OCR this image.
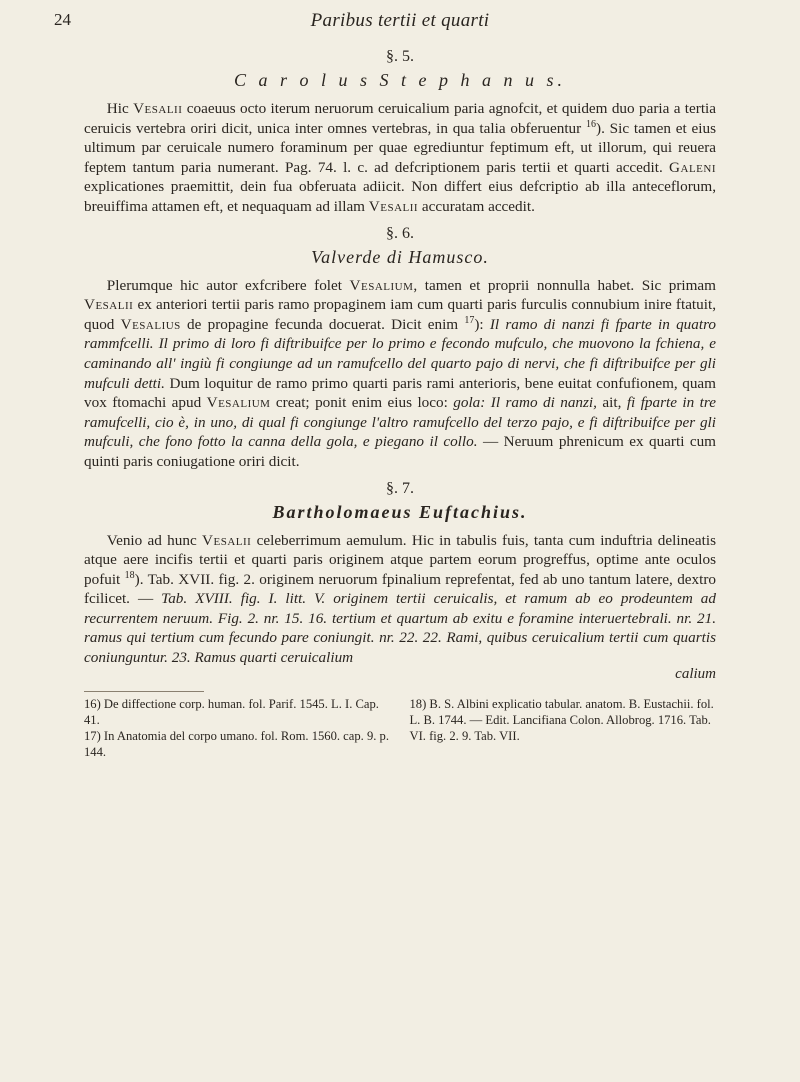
24	Paribus tertii et quarti
§. 5.
C a r o l u s S t e p h a n u s.

Hic Vesalii coaeuus octo iterum neruorum ceruicalium paria agnofcit, et quidem duo paria a tertia ceruicis vertebra oriri dicit, unica inter omnes vertebras, in qua talia obferuentur $^{16}$). Sic tamen et eius ultimum par ceruicale numero foraminum per quae egrediuntur feptimum eft, ut illorum, qui reuera feptem tantum paria numerant. Pag. 74. l. c. ad defcriptionem paris tertii et quarti accedit. Galeni explicationes praemittit, dein fua obferuata adiicit. Non differt eius defcriptio ab illa anteceflorum, breuiffima attamen eft, et nequaquam ad illam Vesalii accuratam accedit.

§. 6.
Valverde di Hamusco.

Plerumque hic autor exfcribere folet Vesalium, tamen et proprii nonnulla habet. Sic primam Vesalii ex anteriori tertii paris ramo propaginem iam cum quarti paris furculis connubium inire ftatuit, quod Vesalius de propagine fecunda docuerat. Dicit enim $^{17}$): Il ramo di nanzi fi fparte in quatro rammfcelli. Il primo di loro fi diftribuifce per lo primo e fecondo mufculo, che muovono la fchiena, e caminando all' ingiù fi congiunge ad un ramufcello del quarto pajo di nervi, che fi diftribuifce per gli mufculi detti. Dum loquitur de ramo primo quarti paris rami anterioris, bene euitat confufionem, quam vox ftomachi apud Vesalium creat; ponit enim eius loco: gola: Il ramo di nanzi, ait, fi fparte in tre ramufcelli, cio è, in uno, di qual fi congiunge l'altro ramufcello del terzo pajo, e fi diftribuifce per gli mufculi, che fono fotto la canna della gola, e piegano il collo. — Neruum phrenicum ex quarti cum quinti paris coniugatione oriri dicit.

§. 7.
Bartholomaeus Euftachius.

Venio ad hunc Vesalii celeberrimum aemulum. Hic in tabulis fuis, tanta cum induftria delineatis atque aere incifis tertii et quarti paris originem atque partem eorum progreffus, optime ante oculos pofuit $^{18}$). Tab. XVII. fig. 2. originem neruorum fpinalium reprefentat, fed ab uno tantum latere, dextro fcilicet. — Tab. XVIII. fig. I. litt. V. originem tertii ceruicalis, et ramum ab eo prodeuntem ad recurrentem neruum. Fig. 2. nr. 15. 16. tertium et quartum ab exitu e foramine interuertebrali. nr. 21. ramus qui tertium cum fecundo pare coniungit. nr. 22. 22. Rami, quibus ceruicalium tertii cum quartis coniunguntur. 23. Ramus quarti ceruicalium

calium

16) De diffectione corp. human. fol. Parif. 1545. L. I. Cap. 41.

17) In Anatomia del corpo umano. fol. Rom. 1560. cap. 9. p. 144.

18) B. S. Albini explicatio tabular. anatom. B. Eustachii. fol. L. B. 1744. — Edit. Lancifiana Colon. Allobrog. 1716. Tab. VI. fig. 2. 9. Tab. VII.
